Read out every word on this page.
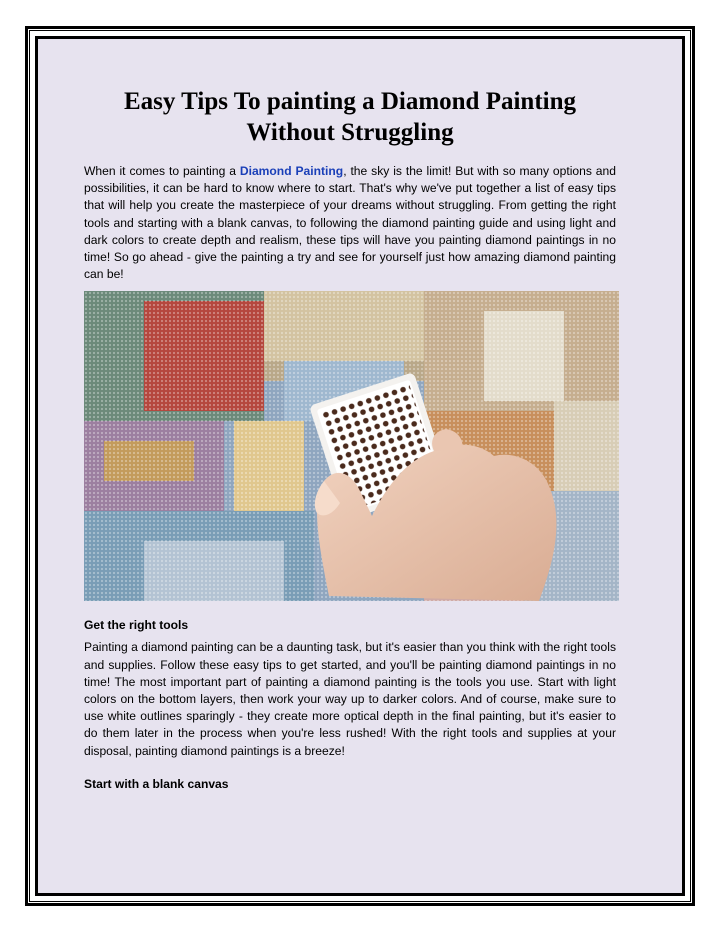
Easy Tips To painting a Diamond Painting
Without Struggling

When it comes to painting a Diamond Painting, the sky is the limit! But with so many options and possibilities, it can be hard to know where to start. That's why we've put together a list of easy tips that will help you create the masterpiece of your dreams without struggling. From getting the right tools and starting with a blank canvas, to following the diamond painting guide and using light and dark colors to create depth and realism, these tips will have you painting diamond paintings in no time! So go ahead - give the painting a try and see for yourself just how amazing diamond painting can be!

Get the right tools

Painting a diamond painting can be a daunting task, but it's easier than you think with the right tools and supplies. Follow these easy tips to get started, and you'll be painting diamond paintings in no time! The most important part of painting a diamond painting is the tools you use. Start with light colors on the bottom layers, then work your way up to darker colors. And of course, make sure to use white outlines sparingly - they create more optical depth in the final painting, but it's easier to do them later in the process when you're less rushed! With the right tools and supplies at your disposal, painting diamond paintings is a breeze!

Start with a blank canvas
